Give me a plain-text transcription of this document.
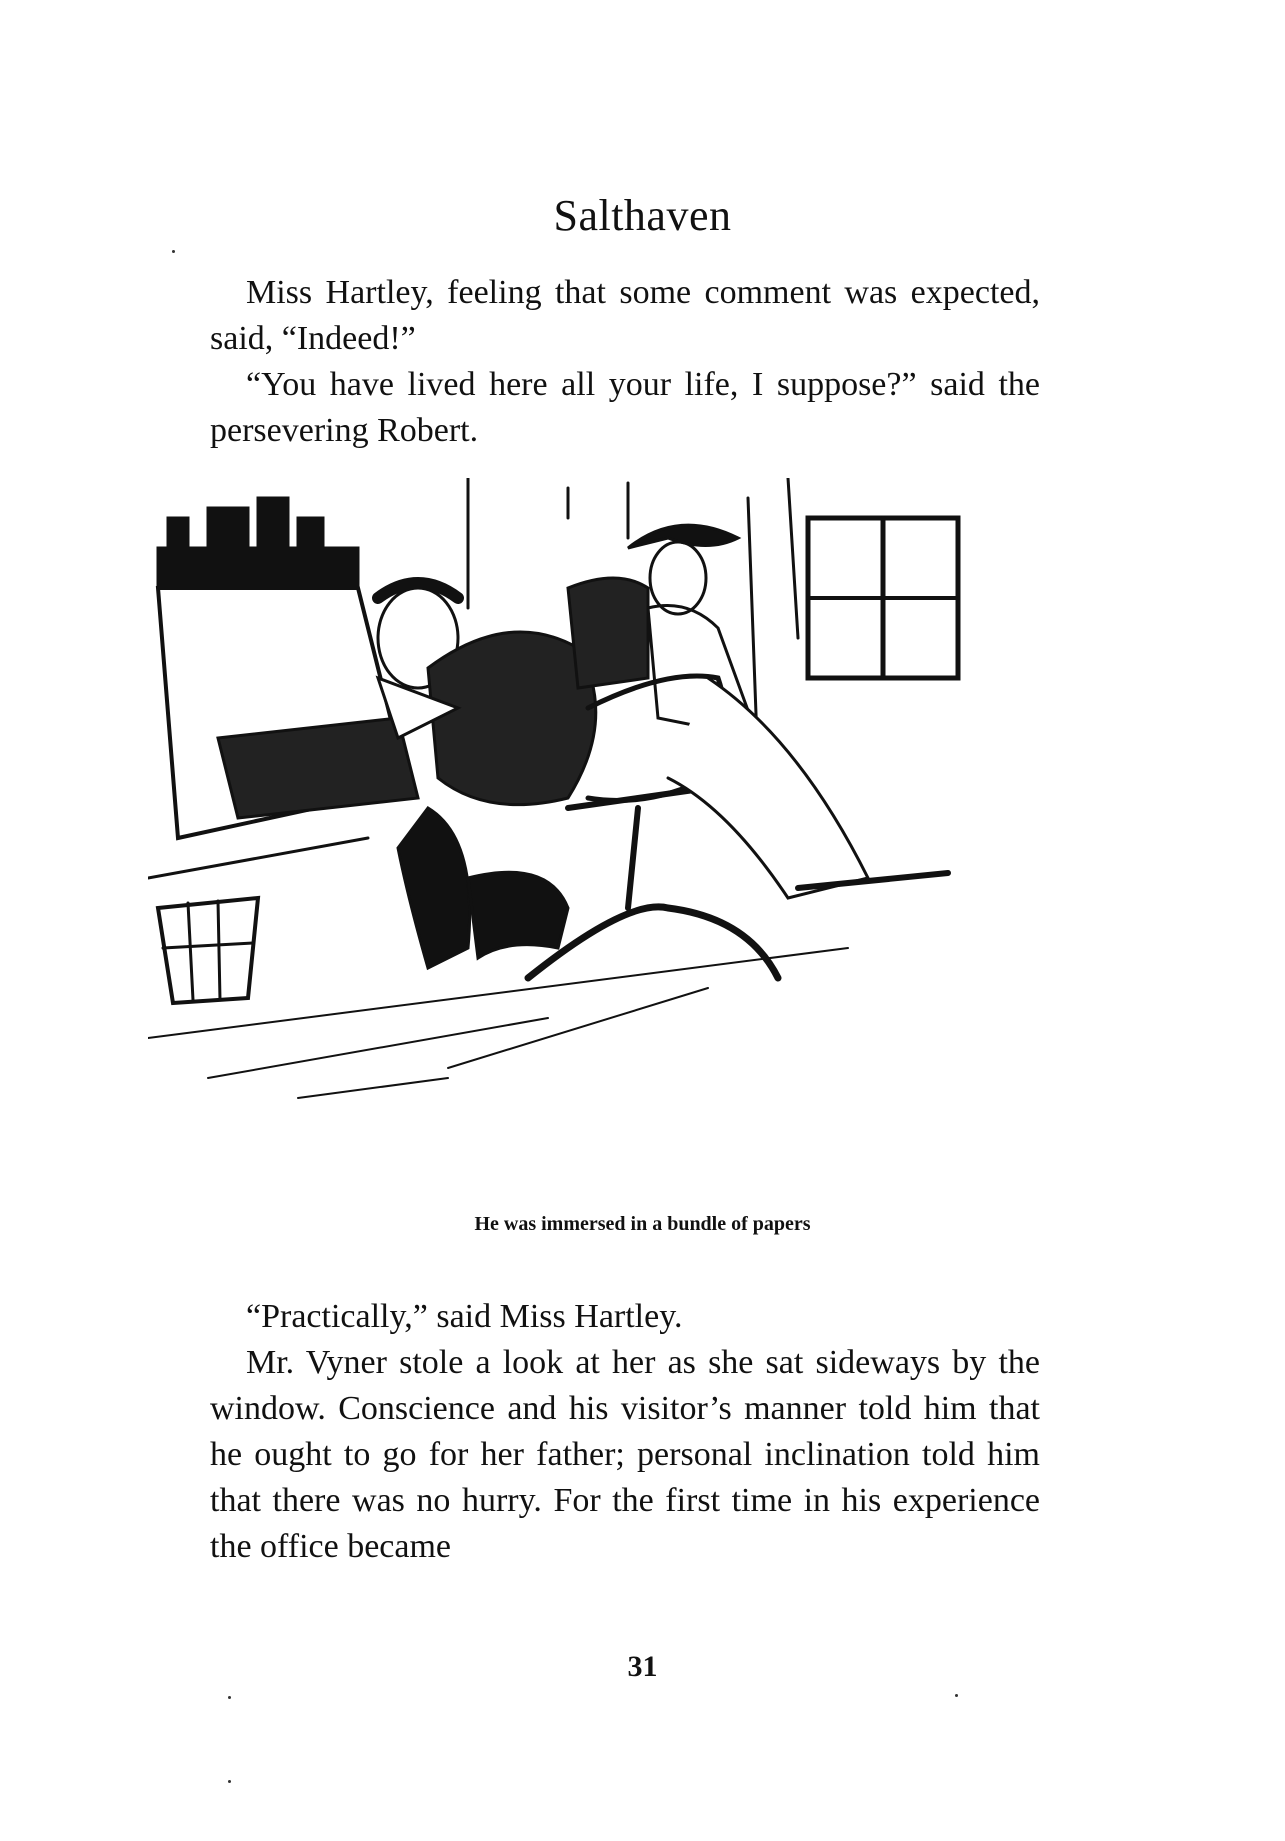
Salthaven

Miss Hartley, feeling that some comment was expected, said, “Indeed!”

“You have lived here all your life, I suppose?” said the persevering Robert.

He was immersed in a bundle of papers

“Practically,” said Miss Hartley.

Mr. Vyner stole a look at her as she sat sideways by the window. Conscience and his visitor’s manner told him that he ought to go for her father; personal inclination told him that there was no hurry. For the first time in his experience the office became

31
